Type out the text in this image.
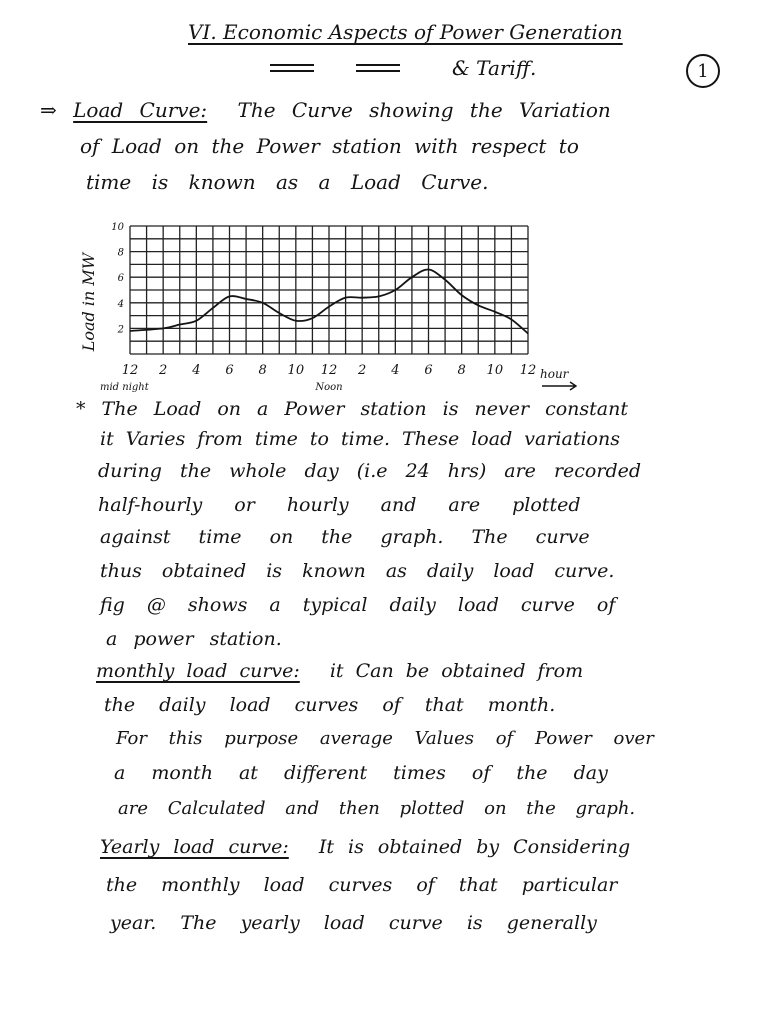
VI. Economic Aspects of Power Generation
& Tariff.	1
⇒ Load Curve: The Curve showing the Variation
of Load on the Power station with respect to
time is known as a Load Curve.
2
4
6
8
10
12 2 4 6 8 10 12 2 4 6 8 10 12
mid night	Noon
Load in MW
hour
* The Load on a Power station is never constant
it Varies from time to time. These load variations
during the whole day (i.e 24 hrs) are recorded
half-hourly or hourly and are plotted
against time on the graph. The curve
thus obtained is known as daily load curve.
fig @ shows a typical daily load curve of
a power station.
monthly load curve: it Can be obtained from
the daily load curves of that month.
For this purpose average Values of Power over
a month at different times of the day
are Calculated and then plotted on the graph.
Yearly load curve: It is obtained by Considering
the monthly load curves of that particular
year. The yearly load curve is generally
